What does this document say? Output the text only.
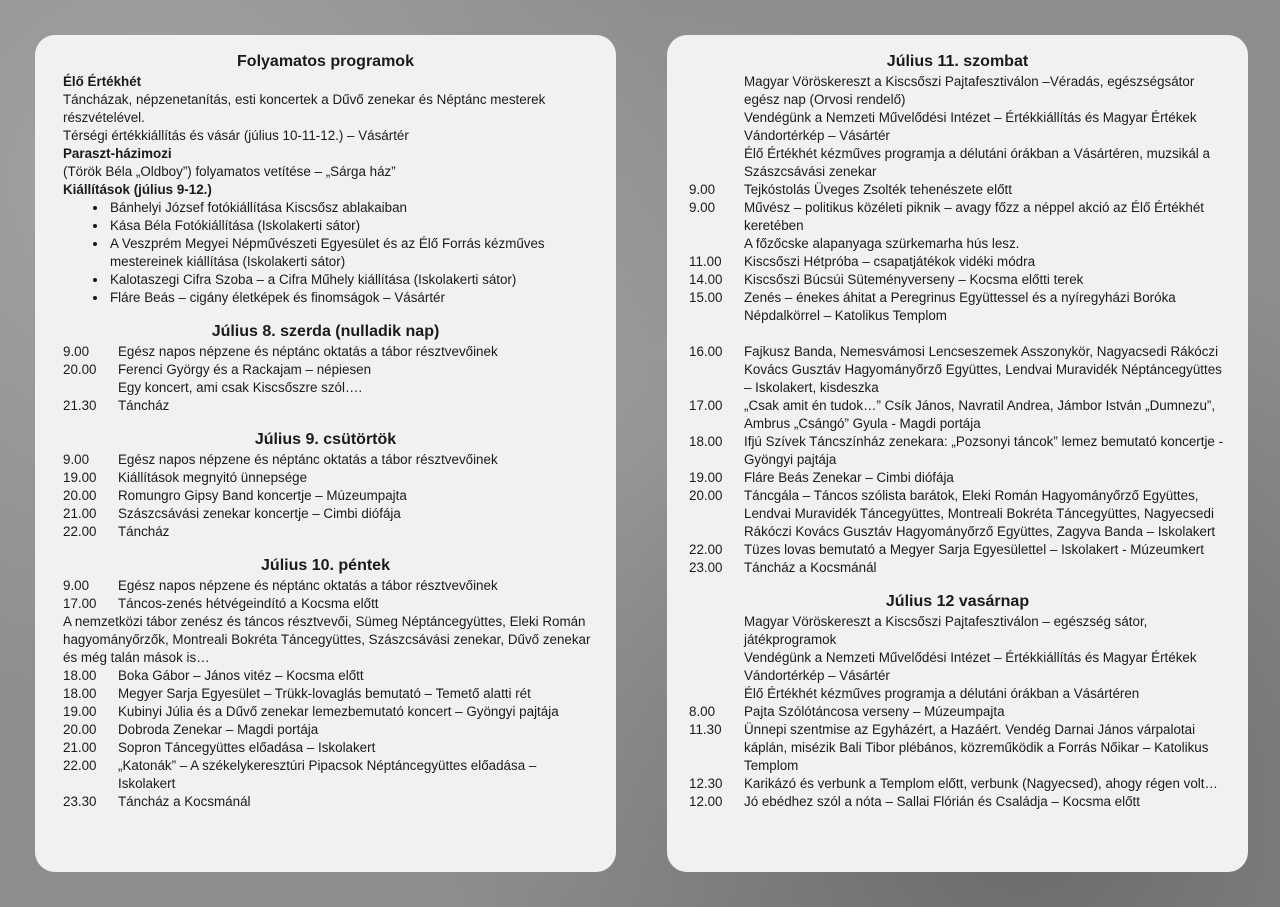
Folyamatos programok

Élő Értékhét

Táncházak, népzenetanítás, esti koncertek a Dűvő zenekar és Néptánc mesterek részvételével.

Térségi értékkiállítás és vásár (július 10-11-12.) – Vásártér

Paraszt-házimozi

(Török Béla „Oldboy”) folyamatos vetítése – „Sárga ház”

Kiállítások (július 9-12.)

• Bánhelyi József fotókiállítása Kiscsősz ablakaiban
• Kása Béla Fotókiállítása (Iskolakerti sátor)
• A Veszprém Megyei Népművészeti Egyesület és az Élő Forrás kézműves mestereinek kiállítása (Iskolakerti sátor)
• Kalotaszegi Cifra Szoba – a Cifra Műhely kiállítása (Iskolakerti sátor)
• Fláre Beás – cigány életképek és finomságok – Vásártér

Július 8. szerda (nulladik nap)

9.00	Egész napos népzene és néptánc oktatás a tábor résztvevőinek
20.00	Ferenci György és a Rackajam – népiesen
Egy koncert, ami csak Kiscsőszre szól….
21.30	Táncház

Július 9. csütörtök

9.00	Egész napos népzene és néptánc oktatás a tábor résztvevőinek
19.00	Kiállítások megnyitó ünnepsége
20.00	Romungro Gipsy Band koncertje – Múzeumpajta
21.00	Szászcsávási zenekar koncertje – Cimbi diófája
22.00	Táncház

Július 10. péntek

9.00	Egész napos népzene és néptánc oktatás a tábor résztvevőinek
17.00	Táncos-zenés hétvégeindító a Kocsma előtt

A nemzetközi tábor zenész és táncos résztvevői, Sümeg Néptáncegyüttes, Eleki Román hagyományőrzők, Montreali Bokréta Táncegyüttes, Szászcsávási zenekar, Dűvő zenekar és még talán mások is…

18.00	Boka Gábor – János vitéz – Kocsma előtt
18.00	Megyer Sarja Egyesület – Trükk-lovaglás bemutató – Temető alatti rét
19.00	Kubinyi Júlia és a Dűvő zenekar lemezbemutató koncert – Gyöngyi pajtája
20.00	Dobroda Zenekar – Magdi portája
21.00	Sopron Táncegyüttes előadása – Iskolakert
22.00	„Katonák” – A székelykeresztúri Pipacsok Néptáncegyüttes előadása – Iskolakert
23.30	Táncház a Kocsmánál

Július 11. szombat

Magyar Vöröskereszt a Kiscsőszi Pajtafesztiválon –Véradás, egészségsátor egész nap (Orvosi rendelő)
Vendégünk a Nemzeti Művelődési Intézet – Értékkiállítás és Magyar Értékek Vándortérkép – Vásártér
Élő Értékhét kézműves programja a délutáni órákban a Vásártéren, muzsikál a Szászcsávási zenekar
9.00	Tejkóstolás Üveges Zsolték tehenészete előtt
9.00	Művész – politikus közéleti piknik – avagy főzz a néppel akció az Élő Értékhét keretében
A főzőcske alapanyaga szürkemarha hús lesz.
11.00	Kiscsőszi Hétpróba – csapatjátékok vidéki módra
14.00	Kiscsőszi Búcsúi Süteményverseny – Kocsma előtti terek
15.00	Zenés – énekes áhitat a Peregrinus Együttessel és a nyíregyházi Boróka Népdalkörrel – Katolikus Templom
16.00	Fajkusz Banda, Nemesvámosi Lencseszemek Asszonykör, Nagyacsedi Rákóczi Kovács Gusztáv Hagyományőrző Együttes, Lendvai Muravidék Néptáncegyüttes – Iskolakert, kisdeszka
17.00	„Csak amit én tudok…” Csík János, Navratil Andrea, Jámbor István „Dumnezu”, Ambrus „Csángó” Gyula - Magdi portája
18.00	Ifjú Szívek Táncszínház zenekara: „Pozsonyi táncok” lemez bemutató koncertje -
Gyöngyi pajtája
19.00	Fláre Beás Zenekar – Cimbi diófája
20.00	Táncgála – Táncos szólista barátok, Eleki Román Hagyományőrző Együttes, Lendvai Muravidék Táncegyüttes, Montreali Bokréta Táncegyüttes, Nagyecsedi Rákóczi Kovács Gusztáv Hagyományőrző Együttes, Zagyva Banda – Iskolakert
22.00	Tüzes lovas bemutató a Megyer Sarja Egyesülettel – Iskolakert - Múzeumkert
23.00	Táncház a Kocsmánál

Július 12 vasárnap

Magyar Vöröskereszt a Kiscsőszi Pajtafesztiválon – egészség sátor, játékprogramok
Vendégünk a Nemzeti Művelődési Intézet – Értékkiállítás és Magyar Értékek Vándortérkép – Vásártér
Élő Értékhét kézműves programja a délutáni órákban a Vásártéren
8.00	Pajta Szólótáncosa verseny – Múzeumpajta
11.30	Ünnepi szentmise az Egyházért, a Hazáért. Vendég Darnai János várpalotai káplán, misézik Bali Tibor plébános, közreműködik a Forrás Nőikar – Katolikus Templom
12.30	Karikázó és verbunk a Templom előtt, verbunk (Nagyecsed), ahogy régen volt…
12.00	Jó ebédhez szól a nóta – Sallai Flórián és Családja – Kocsma előtt
